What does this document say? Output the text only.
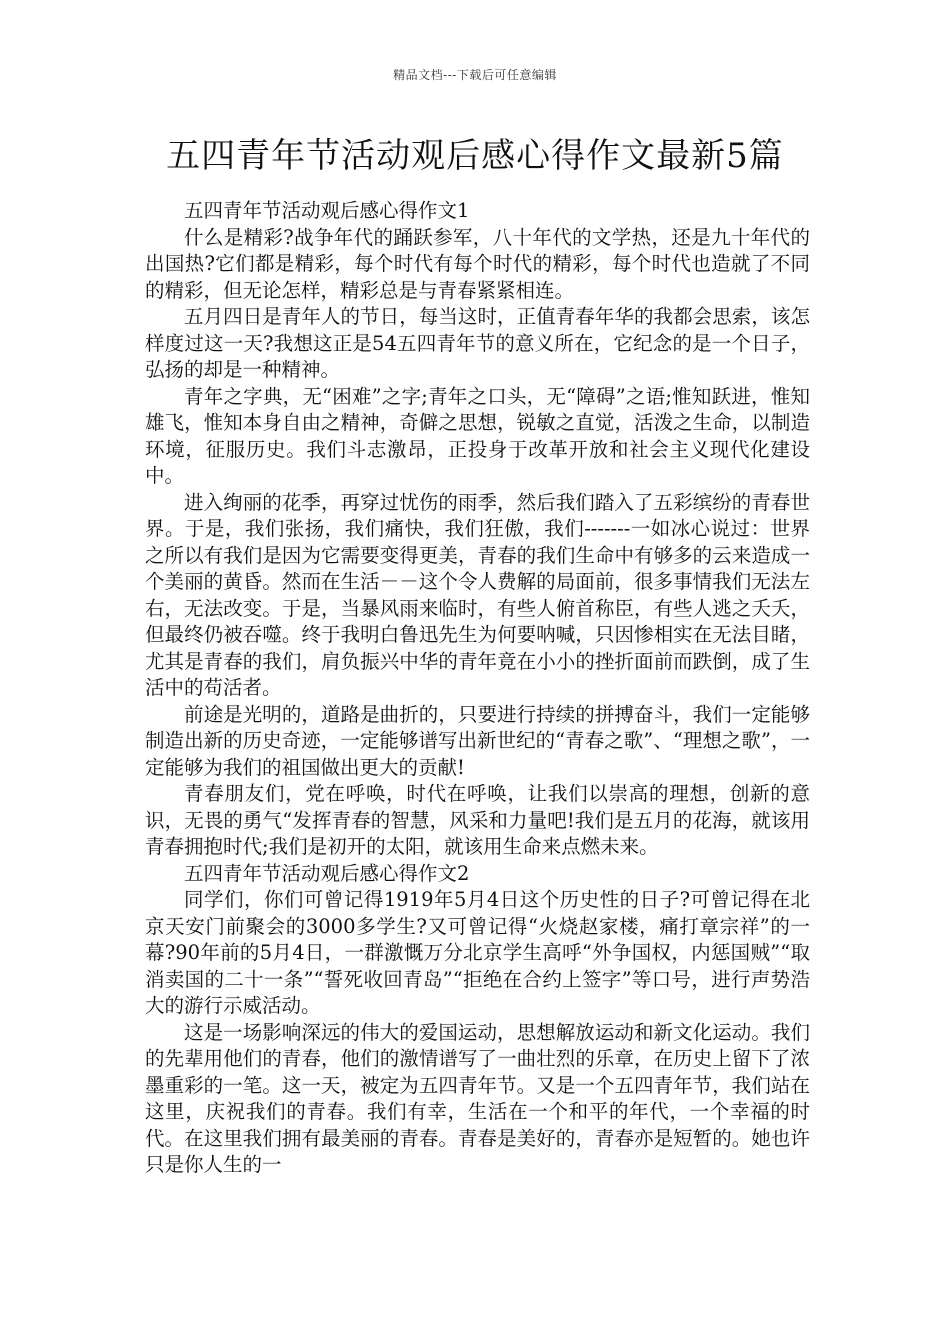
精品文档---下载后可任意编辑
五四青年节活动观后感心得作文最新5篇

五四青年节活动观后感心得作文1

什么是精彩?战争年代的踊跃参军，八十年代的文学热，还是九十年代的出国热?它们都是精彩，每个时代有每个时代的精彩，每个时代也造就了不同的精彩，但无论怎样，精彩总是与青春紧紧相连。

五月四日是青年人的节日，每当这时，正值青春年华的我都会思索，该怎样度过这一天?我想这正是54五四青年节的意义所在，它纪念的是一个日子，弘扬的却是一种精神。

青年之字典，无“困难”之字;青年之口头，无“障碍”之语;惟知跃进，惟知雄飞，惟知本身自由之精神，奇僻之思想，锐敏之直觉，活泼之生命，以制造环境，征服历史。我们斗志激昂，正投身于改革开放和社会主义现代化建设中。

进入绚丽的花季，再穿过忧伤的雨季，然后我们踏入了五彩缤纷的青春世界。于是，我们张扬，我们痛快，我们狂傲，我们-------一如冰心说过：世界之所以有我们是因为它需要变得更美，青春的我们生命中有够多的云来造成一个美丽的黄昏。然而在生活－－这个令人费解的局面前，很多事情我们无法左右，无法改变。于是，当暴风雨来临时，有些人俯首称臣，有些人逃之夭夭，但最终仍被吞噬。终于我明白鲁迅先生为何要呐喊，只因惨相实在无法目睹，尤其是青春的我们，肩负振兴中华的青年竟在小小的挫折面前而跌倒，成了生活中的苟活者。

前途是光明的，道路是曲折的，只要进行持续的拼搏奋斗，我们一定能够制造出新的历史奇迹，一定能够谱写出新世纪的“青春之歌”、“理想之歌”，一定能够为我们的祖国做出更大的贡献!

青春朋友们，党在呼唤，时代在呼唤，让我们以崇高的理想，创新的意识，无畏的勇气“发挥青春的智慧，风采和力量吧!我们是五月的花海，就该用青春拥抱时代;我们是初开的太阳，就该用生命来点燃未来。

五四青年节活动观后感心得作文2

同学们，你们可曾记得1919年5月4日这个历史性的日子?可曾记得在北京天安门前聚会的3000多学生?又可曾记得“火烧赵家楼，痛打章宗祥”的一幕?90年前的5月4日，一群激慨万分北京学生高呼“外争国权，内惩国贼”“取消卖国的二十一条”“誓死收回青岛”“拒绝在合约上签字”等口号，进行声势浩大的游行示威活动。

这是一场影响深远的伟大的爱国运动，思想解放运动和新文化运动。我们的先辈用他们的青春，他们的激情谱写了一曲壮烈的乐章，在历史上留下了浓墨重彩的一笔。这一天，被定为五四青年节。又是一个五四青年节，我们站在这里，庆祝我们的青春。我们有幸，生活在一个和平的年代，一个幸福的时代。在这里我们拥有最美丽的青春。青春是美好的，青春亦是短暂的。她也许只是你人生的一
